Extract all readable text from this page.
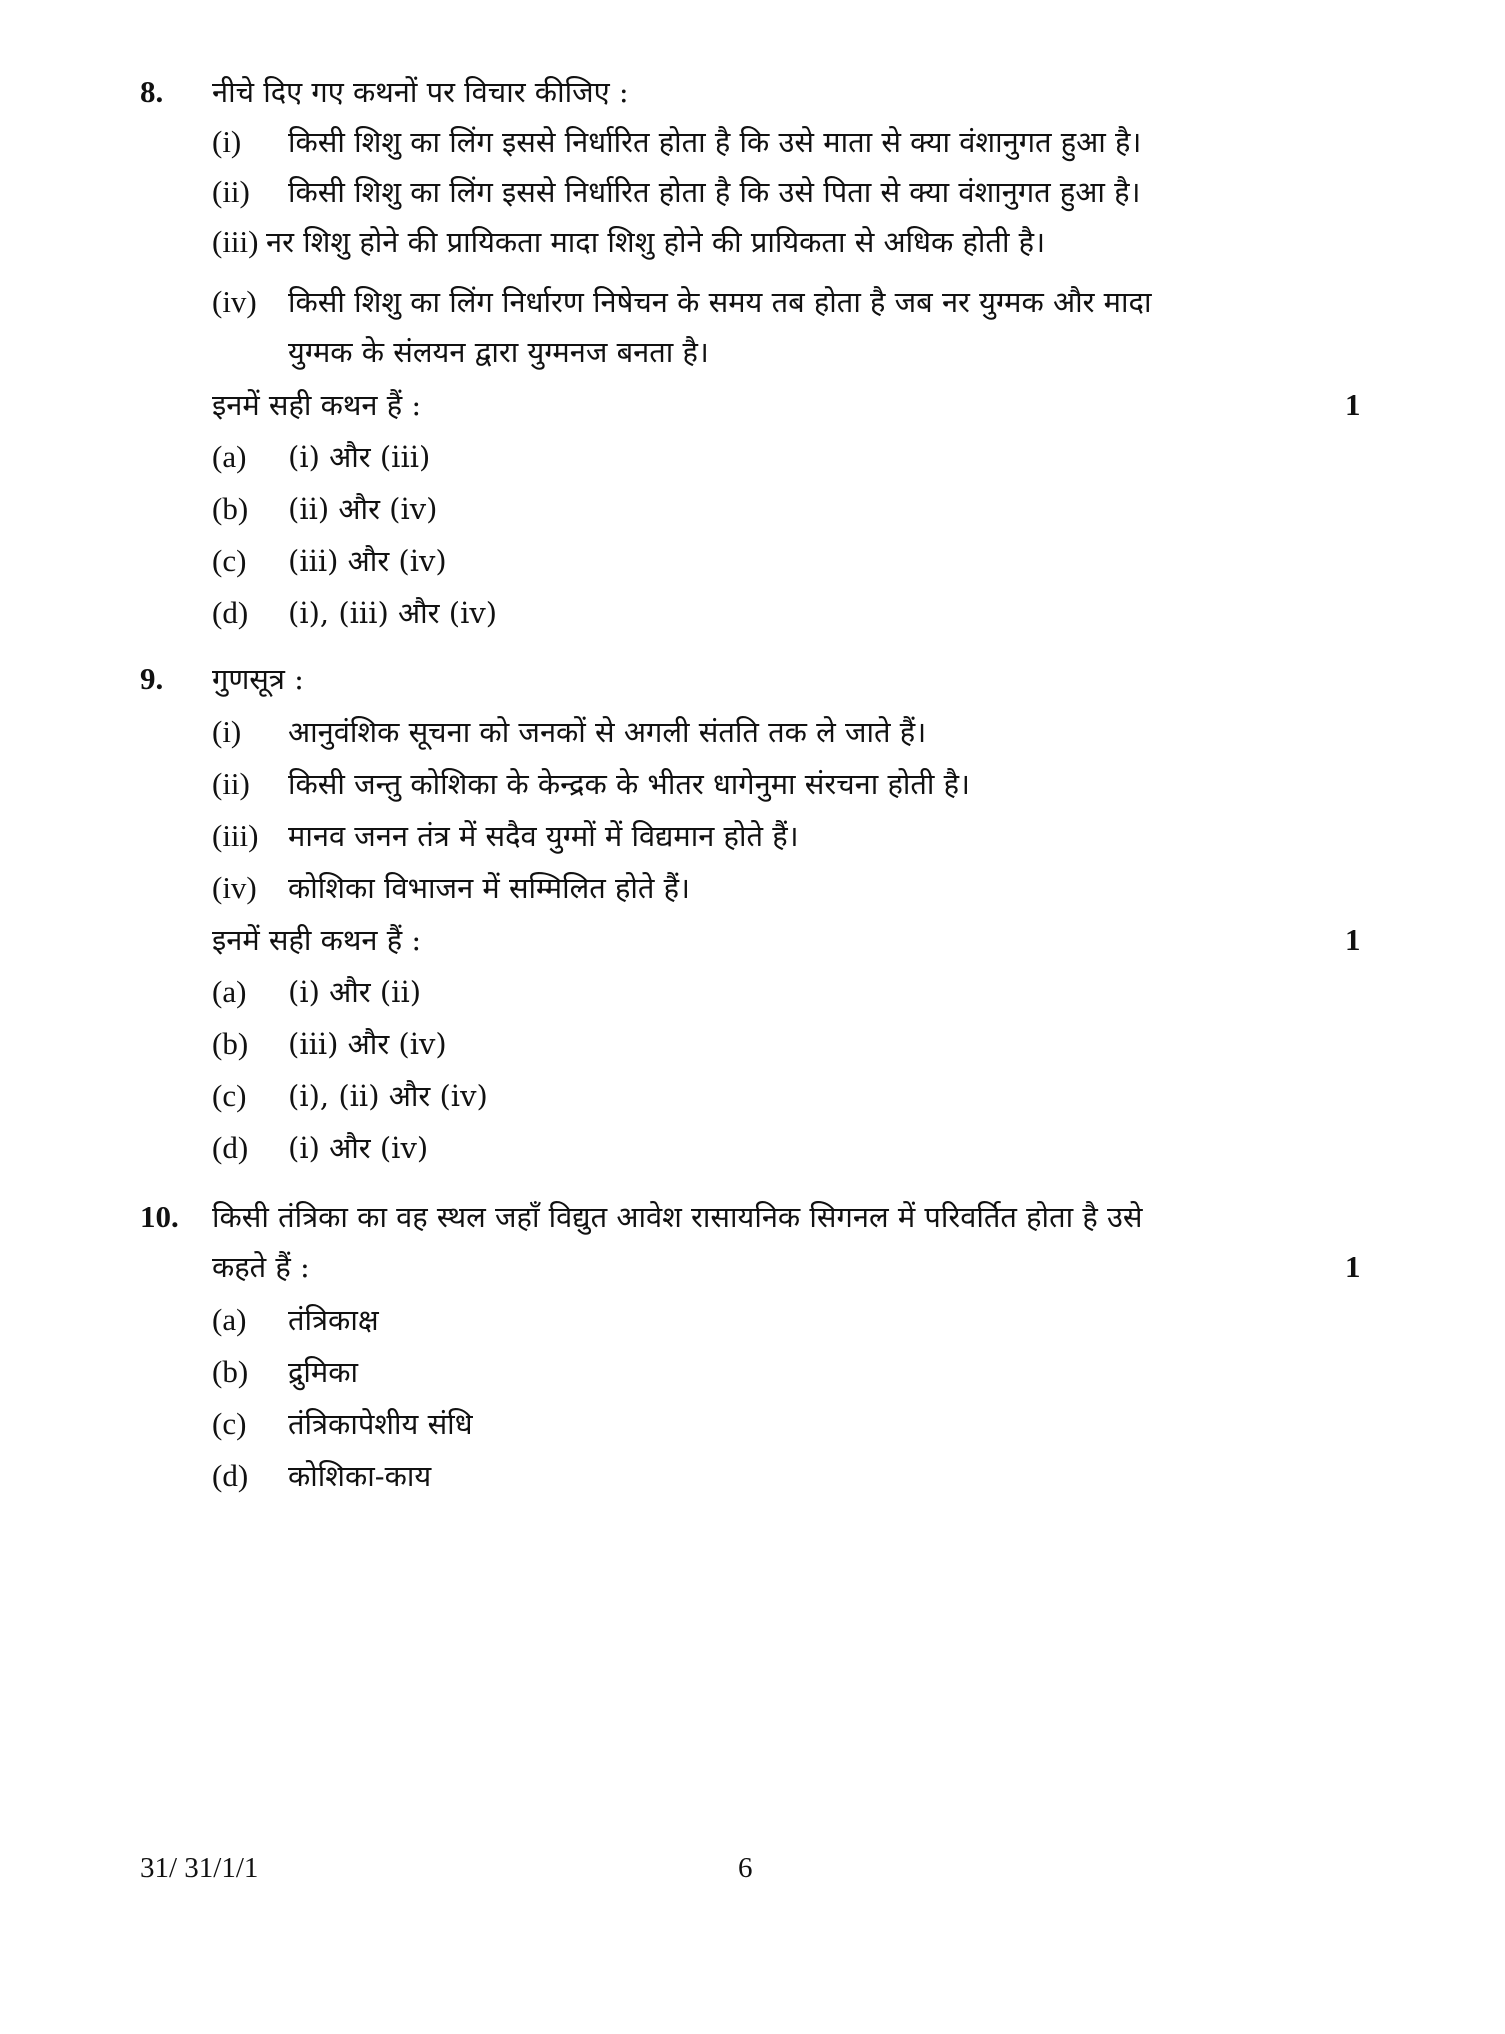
8. नीचे दिए गए कथनों पर विचार कीजिए :
(i) किसी शिशु का लिंग इससे निर्धारित होता है कि उसे माता से क्या वंशानुगत हुआ है।
(ii) किसी शिशु का लिंग इससे निर्धारित होता है कि उसे पिता से क्या वंशानुगत हुआ है।
(iii) नर शिशु होने की प्रायिकता मादा शिशु होने की प्रायिकता से अधिक होती है।
(iv) किसी शिशु का लिंग निर्धारण निषेचन के समय तब होता है जब नर युग्मक और मादा
युग्मक के संलयन द्वारा युग्मनज बनता है।
इनमें सही कथन हैं :	1
(a) (i) और (iii)
(b) (ii) और (iv)
(c) (iii) और (iv)
(d) (i), (iii) और (iv)
9. गुणसूत्र :
(i) आनुवंशिक सूचना को जनकों से अगली संतति तक ले जाते हैं।
(ii) किसी जन्तु कोशिका के केन्द्रक के भीतर धागेनुमा संरचना होती है।
(iii) मानव जनन तंत्र में सदैव युग्मों में विद्यमान होते हैं।
(iv) कोशिका विभाजन में सम्मिलित होते हैं।
इनमें सही कथन हैं :	1
(a) (i) और (ii)
(b) (iii) और (iv)
(c) (i), (ii) और (iv)
(d) (i) और (iv)
10. किसी तंत्रिका का वह स्थल जहाँ विद्युत आवेश रासायनिक सिगनल में परिवर्तित होता है उसे
कहते हैं :	1
(a) तंत्रिकाक्ष
(b) द्रुमिका
(c) तंत्रिकापेशीय संधि
(d) कोशिका-काय
31/ 31/1/1	6
